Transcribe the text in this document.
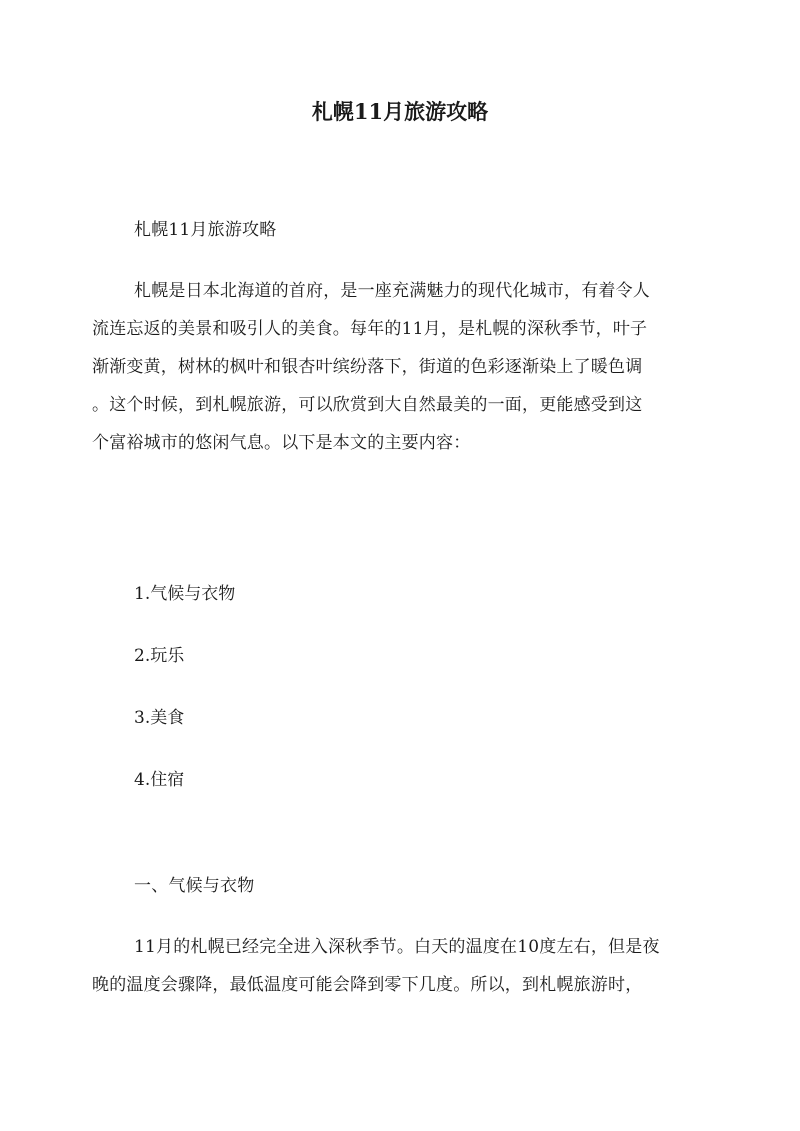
札幌11月旅游攻略

札幌11月旅游攻略

札幌是日本北海道的首府，是一座充满魅力的现代化城市，有着令人
流连忘返的美景和吸引人的美食。每年的11月，是札幌的深秋季节，叶子
渐渐变黄，树林的枫叶和银杏叶缤纷落下，街道的色彩逐渐染上了暖色调
。这个时候，到札幌旅游，可以欣赏到大自然最美的一面，更能感受到这
个富裕城市的悠闲气息。以下是本文的主要内容：

1.气候与衣物
2.玩乐
3.美食
4.住宿

一、气候与衣物

11月的札幌已经完全进入深秋季节。白天的温度在10度左右，但是夜
晚的温度会骤降，最低温度可能会降到零下几度。所以，到札幌旅游时，
